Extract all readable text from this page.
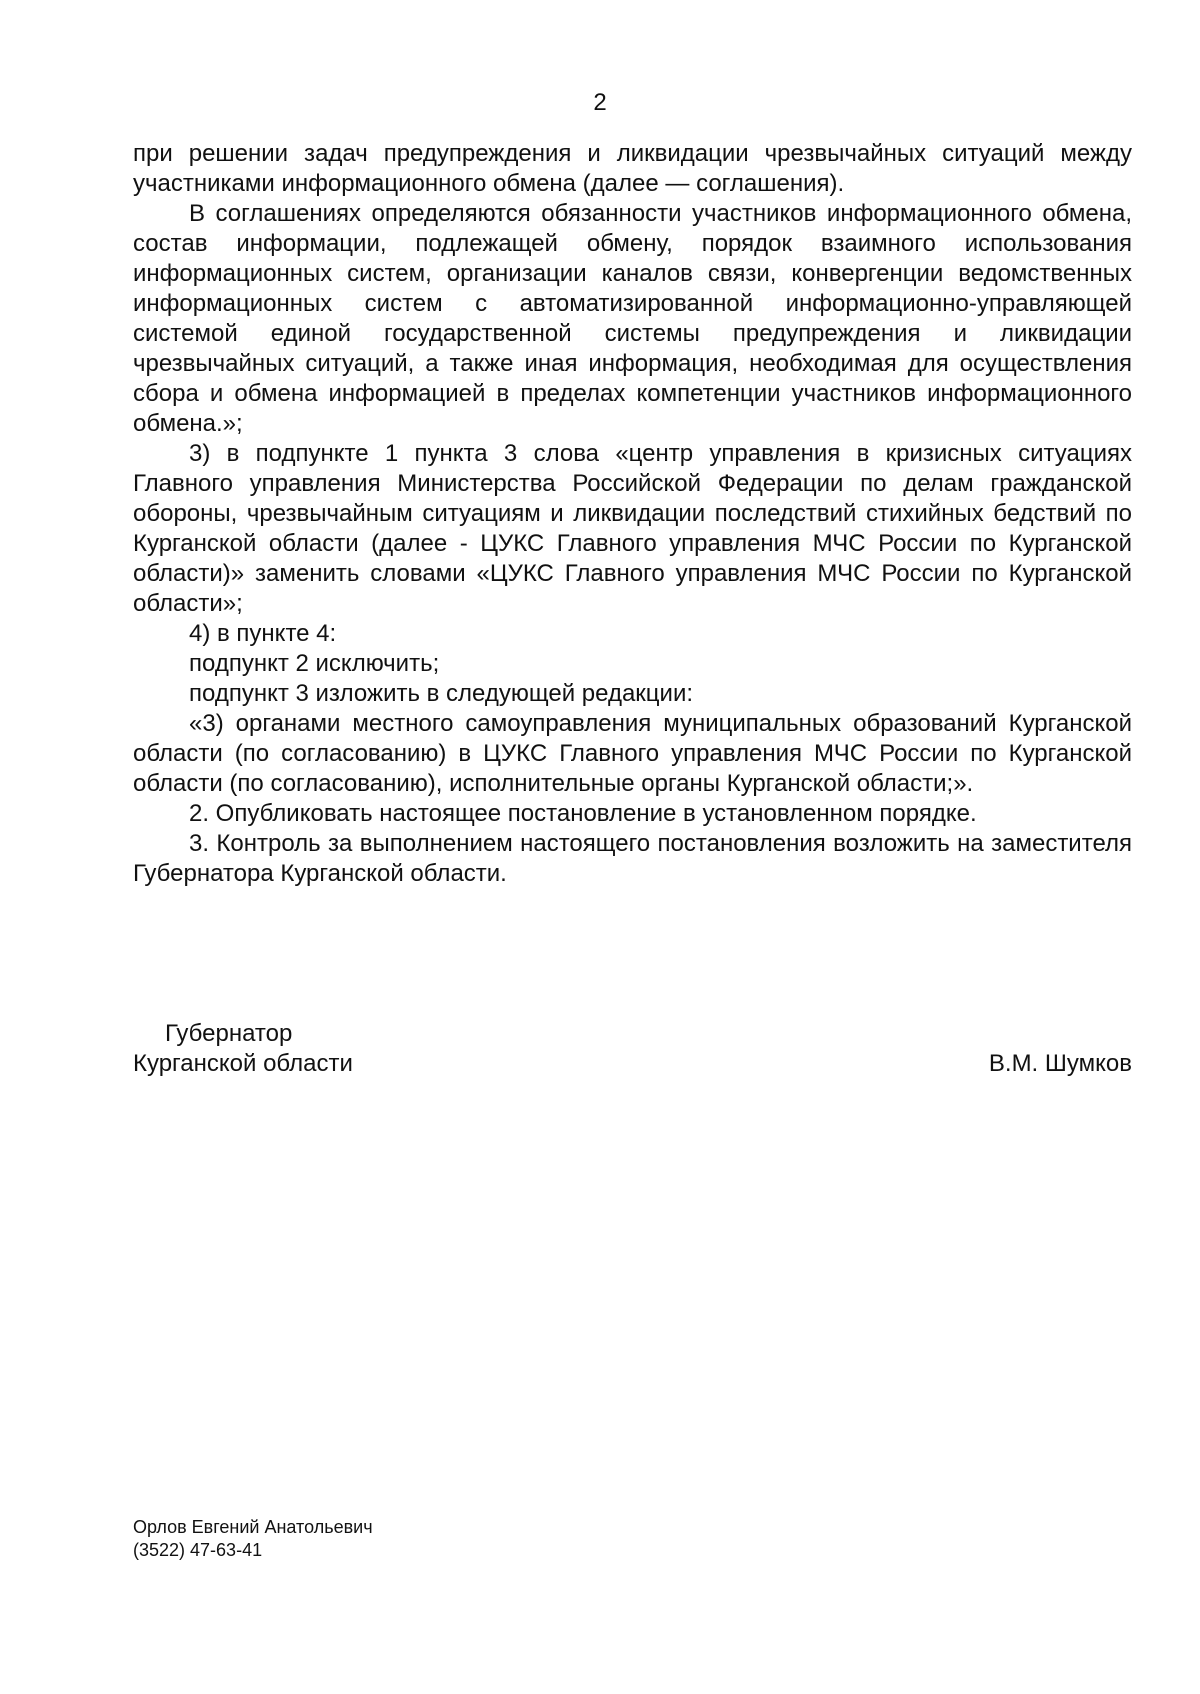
2

при решении задач предупреждения и ликвидации чрезвычайных ситуаций между участниками информационного обмена (далее — соглашения).

В соглашениях определяются обязанности участников информационного обмена, состав информации, подлежащей обмену, порядок взаимного использования информационных систем, организации каналов связи, конвергенции ведомственных информационных систем с автоматизированной информационно-управляющей системой единой государственной системы предупреждения и ликвидации чрезвычайных ситуаций, а также иная информация, необходимая для осуществления сбора и обмена информацией в пределах компетенции участников информационного обмена.»;

3) в подпункте 1 пункта 3 слова «центр управления в кризисных ситуациях Главного управления Министерства Российской Федерации по делам гражданской обороны, чрезвычайным ситуациям и ликвидации последствий стихийных бедствий по Курганской области (далее - ЦУКС Главного управления МЧС России по Курганской области)» заменить словами «ЦУКС Главного управления МЧС России по Курганской области»;

4) в пункте 4:

подпункт 2 исключить;

подпункт 3 изложить в следующей редакции:

«3) органами местного самоуправления муниципальных образований Курганской области (по согласованию) в ЦУКС Главного управления МЧС России по Курганской области (по согласованию), исполнительные органы Курганской области;».

2. Опубликовать настоящее постановление в установленном порядке.

3. Контроль за выполнением настоящего постановления возложить на заместителя Губернатора Курганской области.

Губернатор
Курганской области	В.М. Шумков
Орлов Евгений Анатольевич
(3522) 47-63-41
